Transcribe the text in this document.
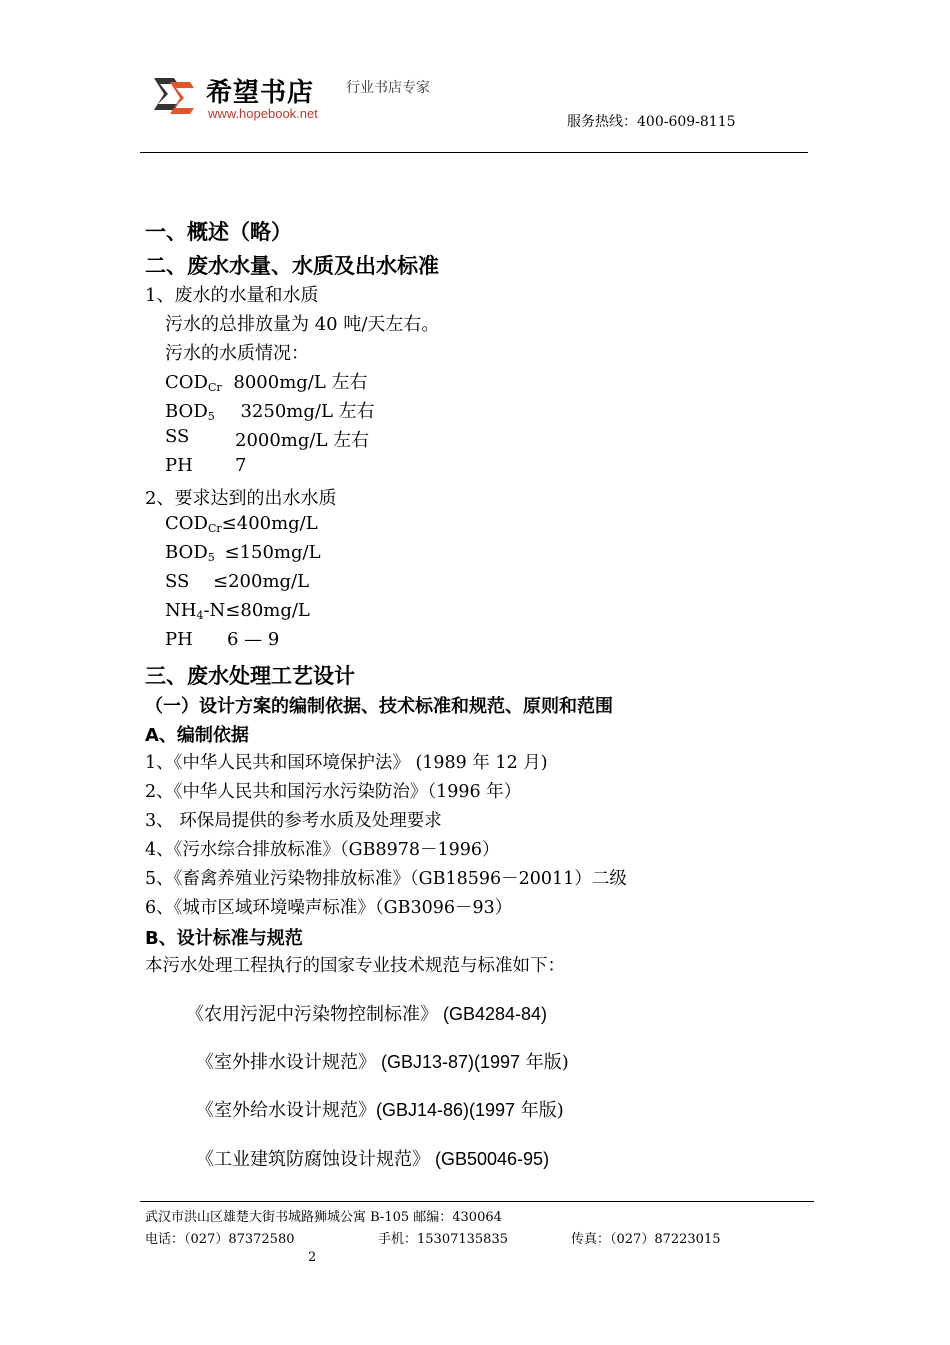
希望书店
www.hopebook.net
行业书店专家
服务热线：400-609-8115
一、概述（略）
二、废水水量、水质及出水标准
1、废水的水量和水质
污水的总排放量为 40 吨/天左右。
污水的水质情况：
$COD_{Cr}$ 8000mg/L 左右
$BOD_5$ 3250mg/L 左右
SS	2000mg/L 左右
PH 7
2、要求达到的出水水质
$COD_{Cr}\le 400mg/L$
$BOD_5 \le 150mg/L$
SS ≤200mg/L
$NH_4-N\le 80mg/L$
PH 6 — 9
三、废水处理工艺设计
（一）设计方案的编制依据、技术标准和规范、原则和范围
A、编制依据
1、《中华人民共和国环境保护法》 (1989 年 12 月)
2、《中华人民共和国污水污染防治》（1996 年）
3、 环保局提供的参考水质及处理要求
4、《污水综合排放标准》（GB8978－1996）
5、《畜禽养殖业污染物排放标准》（GB18596－20011）二级
6、《城市区域环境噪声标准》（GB3096－93）
B、设计标准与规范
本污水处理工程执行的国家专业技术规范与标准如下：
《农用污泥中污染物控制标准》 (GB4284-84)
《室外排水设计规范》 (GBJ13-87)(1997 年版)
《室外给水设计规范》(GBJ14-86)(1997 年版)
《工业建筑防腐蚀设计规范》 (GB50046-95)
武汉市洪山区雄楚大街书城路狮城公寓 B-105 邮编：430064
电话：（027）87372580	手机：15307135835	传真：（027）87223015
2
